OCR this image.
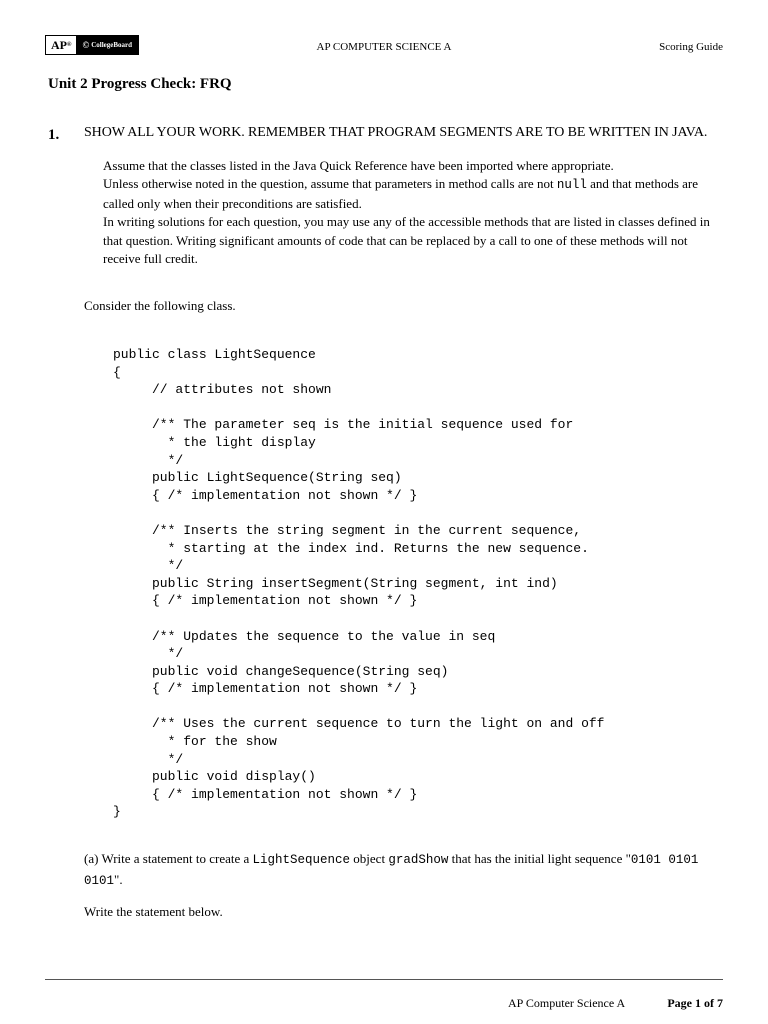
AP ® © CollegeBoard	AP COMPUTER SCIENCE A	Scoring Guide
Unit 2 Progress Check: FRQ
1. SHOW ALL YOUR WORK. REMEMBER THAT PROGRAM SEGMENTS ARE TO BE WRITTEN IN JAVA.

Assume that the classes listed in the Java Quick Reference have been imported where appropriate.

Unless otherwise noted in the question, assume that parameters in method calls are not null and that methods are called only when their preconditions are satisfied.

In writing solutions for each question, you may use any of the accessible methods that are listed in classes defined in that question. Writing significant amounts of code that can be replaced by a call to one of these methods will not receive full credit.

Consider the following class.
public class LightSequence
{
// attributes not shown

/** The parameter seq is the initial sequence used for
* the light display
*/
public LightSequence(String seq)
{ /* implementation not shown */ }

/** Inserts the string segment in the current sequence,
* starting at the index ind. Returns the new sequence.
*/
public String insertSegment(String segment, int ind)
{ /* implementation not shown */ }

/** Updates the sequence to the value in seq
*/
public void changeSequence(String seq)
{ /* implementation not shown */ }

/** Uses the current sequence to turn the light on and off
* for the show
*/
public void display()
{ /* implementation not shown */ }
}
(a) Write a statement to create a LightSequence object gradShow that has the initial light sequence "0101 0101 0101".
Write the statement below.
AP Computer Science A	Page 1 of 7
